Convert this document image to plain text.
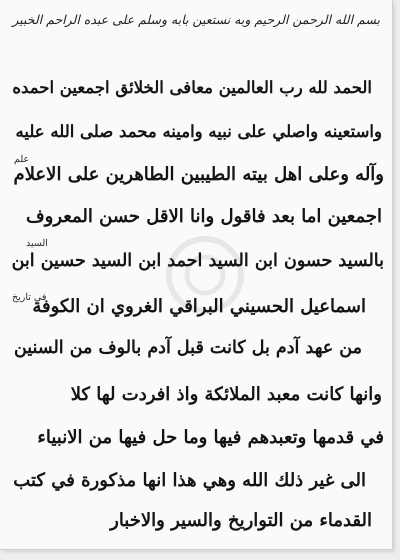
بسم الله الرحمن الرحيم وبه نستعين بابه وسلم على عبده الراحم الخبير

الحمد لله رب العالمين معافى الخلائق اجمعين احمده

واستعينه واصلي على نبيه وامينه محمد صلى الله عليه

وآله وعلى اهل بيته الطيبين الطاهرين على الاعلام

اجمعين اما بعد فاقول وانا الاقل حسن المعروف

بالسيد حسون ابن السيد احمد ابن السيد حسين ابن

اسماعيل الحسيني البراقي الغروي ان الكوفة

من عهد آدم بل كانت قبل آدم بالوف من السنين

وانها كانت معبد الملائكة واذ افردت لها كلا

في قدمها وتعبدهم فيها وما حل فيها من الانبياء

الى غير ذلك الله وهي هذا انها مذكورة في كتب

القدماء من التواريخ والسير والاخبار

علم
السيد
في تاريخ
